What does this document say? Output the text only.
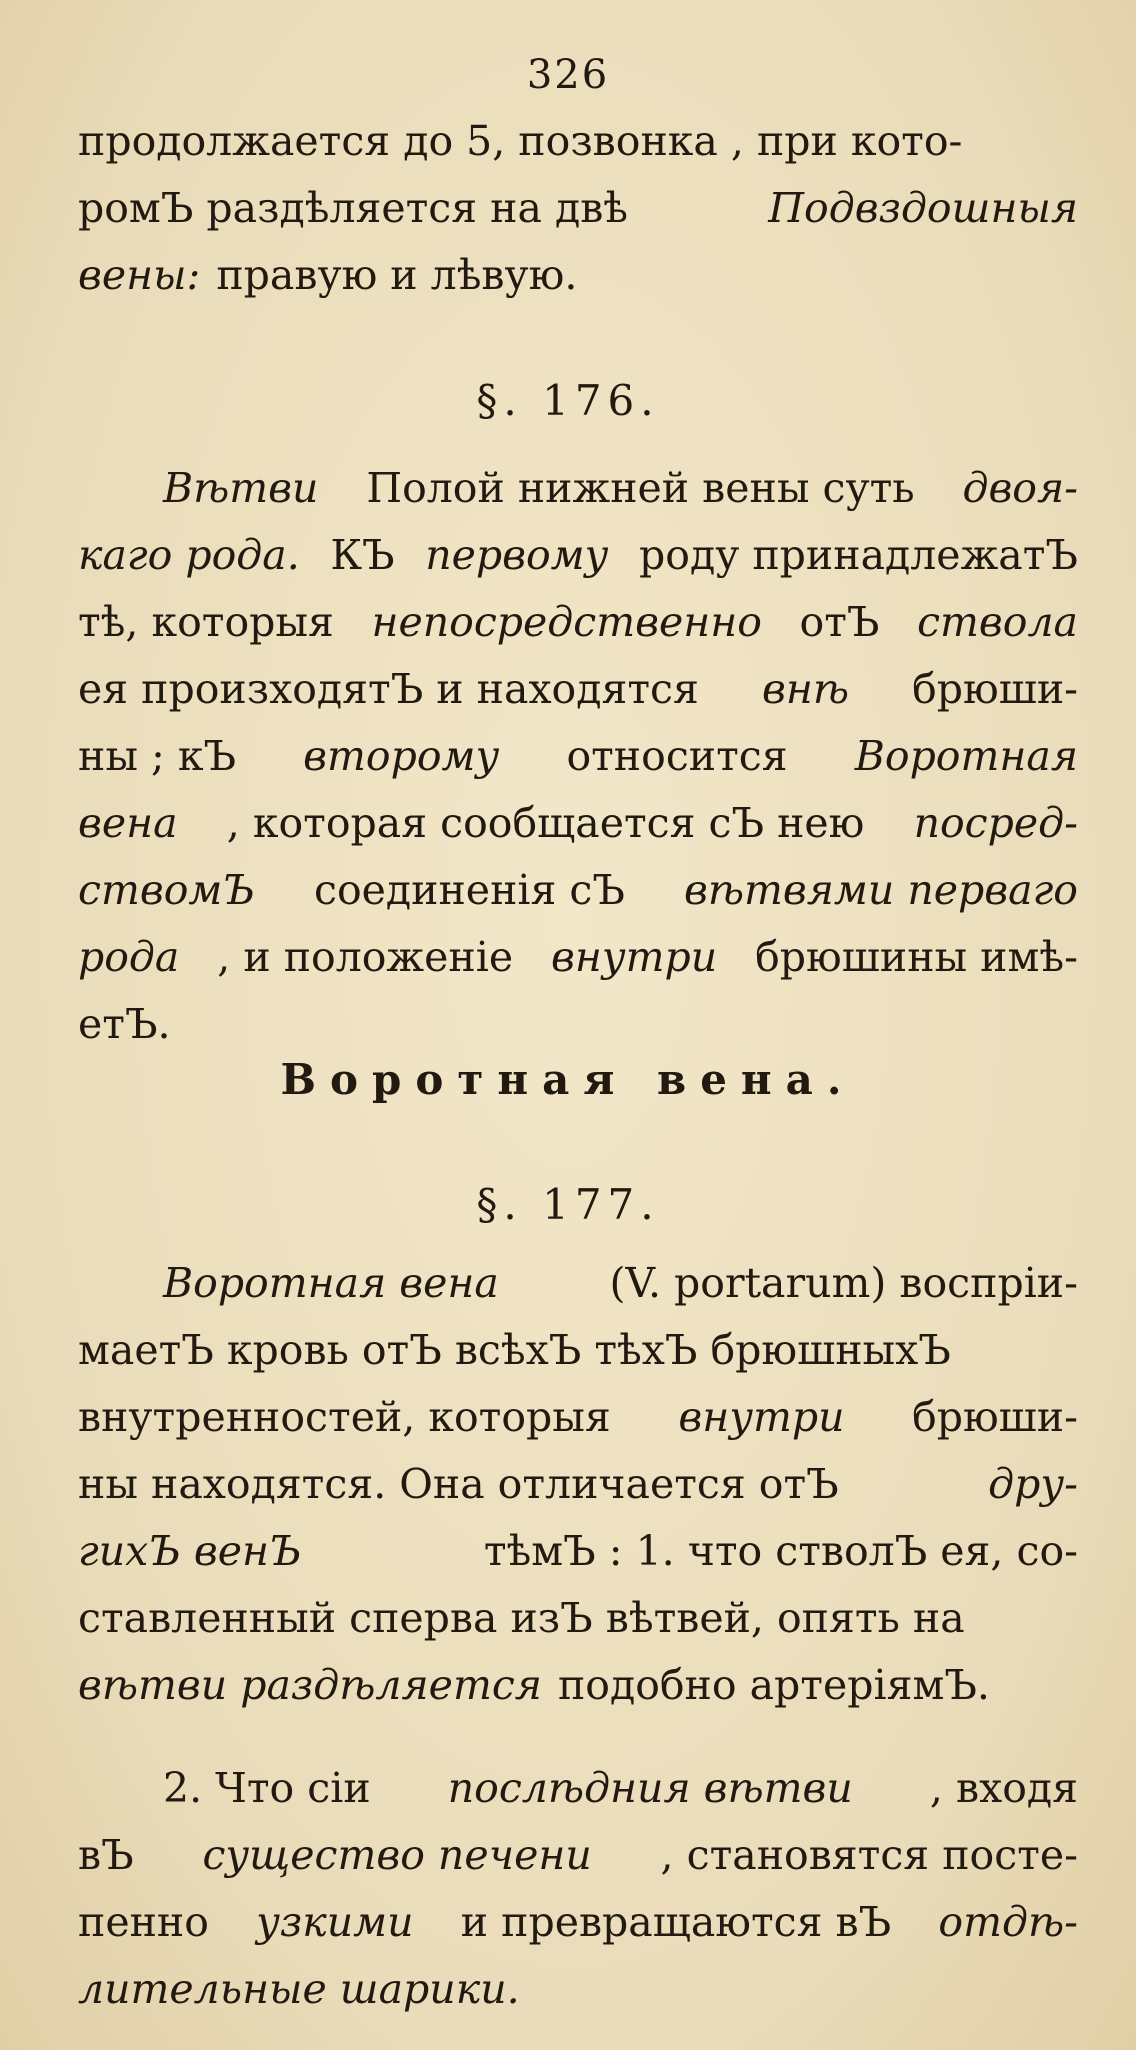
326
продолжается до 5, позвонка , при кото-
ромЪ раздѣляется на двѣ	Подвздошныя
вены: правую и лѣвую.
§. 176.
Вѣтви Полой нижней вены суть двоя-
каго рода. КЪ первому роду принадлежатЪ
тѣ, которыя непосредственно отЪ ствола
ея произходятЪ и находятся внѣ брюши-
ны ; кЪ второму относится Воротная
вена , которая сообщается сЪ нею посред-
ствомЪ соединенія сЪ вѣтвями перваго
рода , и положеніе внутри брюшины имѣ-
етЪ.
Воротная вена.
§. 177.
Воротная вена	(V. portarum) воспріи-
маетЪ кровь отЪ всѣхЪ тѣхЪ брюшныхЪ
внутренностей, которыя внутри брюши-
ны находятся. Она отличается отЪ	дру-
гихЪ венЪ	тѣмЪ : 1. что стволЪ ея, со-
ставленный сперва изЪ вѣтвей, опять на
вѣтви раздѣляется подобно артеріямЪ.
2. Что сіи послѣдния вѣтви , входя
вЪ существо печени , становятся посте-
пенно узкими и превращаются вЪ отдѣ-
лительные шарики.
